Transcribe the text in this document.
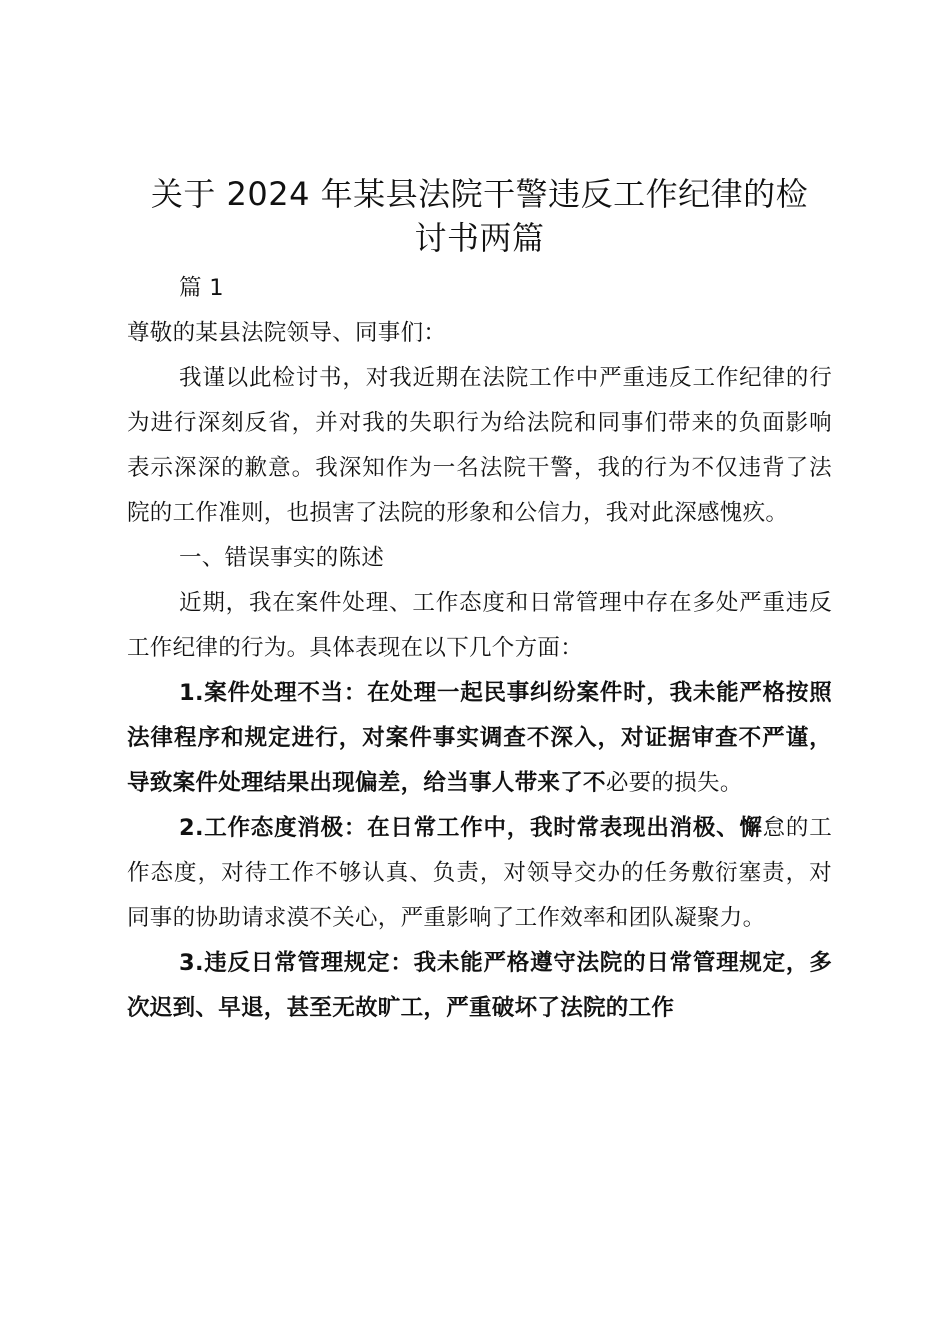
关于 2024 年某县法院干警违反工作纪律的检
讨书两篇

篇 1

尊敬的某县法院领导、同事们：

我谨以此检讨书，对我近期在法院工作中严重违反工作纪律的行为进行深刻反省，并对我的失职行为给法院和同事们带来的负面影响表示深深的歉意。我深知作为一名法院干警，我的行为不仅违背了法院的工作准则，也损害了法院的形象和公信力，我对此深感愧疚。

一、错误事实的陈述

近期，我在案件处理、工作态度和日常管理中存在多处严重违反工作纪律的行为。具体表现在以下几个方面：

1.案件处理不当：在处理一起民事纠纷案件时，我未能严格按照法律程序和规定进行，对案件事实调查不深入，对证据审查不严谨，导致案件处理结果出现偏差，给当事人带来了不必要的损失。

2.工作态度消极：在日常工作中，我时常表现出消极、懈怠的工作态度，对待工作不够认真、负责，对领导交办的任务敷衍塞责，对同事的协助请求漠不关心，严重影响了工作效率和团队凝聚力。

3.违反日常管理规定：我未能严格遵守法院的日常管理规定，多次迟到、早退，甚至无故旷工，严重破坏了法院的工作
